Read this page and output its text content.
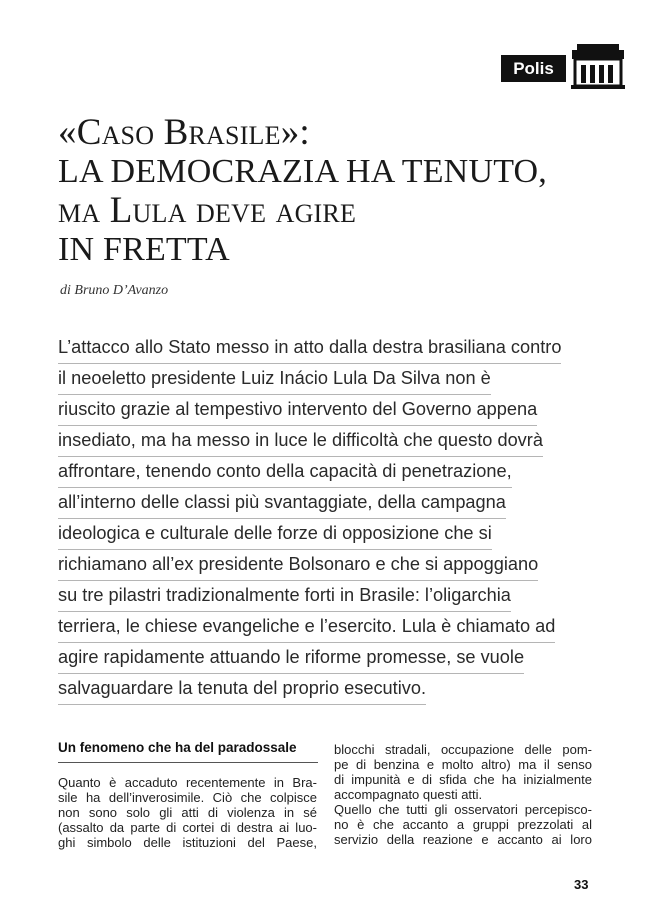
Polis
«Caso Brasile»:
LA DEMOCRAZIA HA TENUTO,
ma Lula deve agire
IN FRETTA
di Bruno D’Avanzo
L’attacco allo Stato messo in atto dalla destra brasiliana contro
il neoeletto presidente Luiz Inácio Lula Da Silva non è
riuscito grazie al tempestivo intervento del Governo appena
insediato, ma ha messo in luce le difficoltà che questo dovrà
affrontare, tenendo conto della capacità di penetrazione,
all’interno delle classi più svantaggiate, della campagna
ideologica e culturale delle forze di opposizione che si
richiamano all’ex presidente Bolsonaro e che si appoggiano
su tre pilastri tradizionalmente forti in Brasile: l’oligarchia
terriera, le chiese evangeliche e l’esercito. Lula è chiamato ad
agire rapidamente attuando le riforme promesse, se vuole
salvaguardare la tenuta del proprio esecutivo.
Un fenomeno che ha del paradossale
Quanto è accaduto recentemente in Bra-
sile ha dell’inverosimile. Ciò che colpisce
non sono solo gli atti di violenza in sé
(assalto da parte di cortei di destra ai luo-
ghi simbolo delle istituzioni del Paese,
blocchi stradali, occupazione delle pom-
pe di benzina e molto altro) ma il senso
di impunità e di sfida che ha inizialmente
accompagnato questi atti.
Quello che tutti gli osservatori percepisco-
no è che accanto a gruppi prezzolati al
servizio della reazione e accanto ai loro
33
